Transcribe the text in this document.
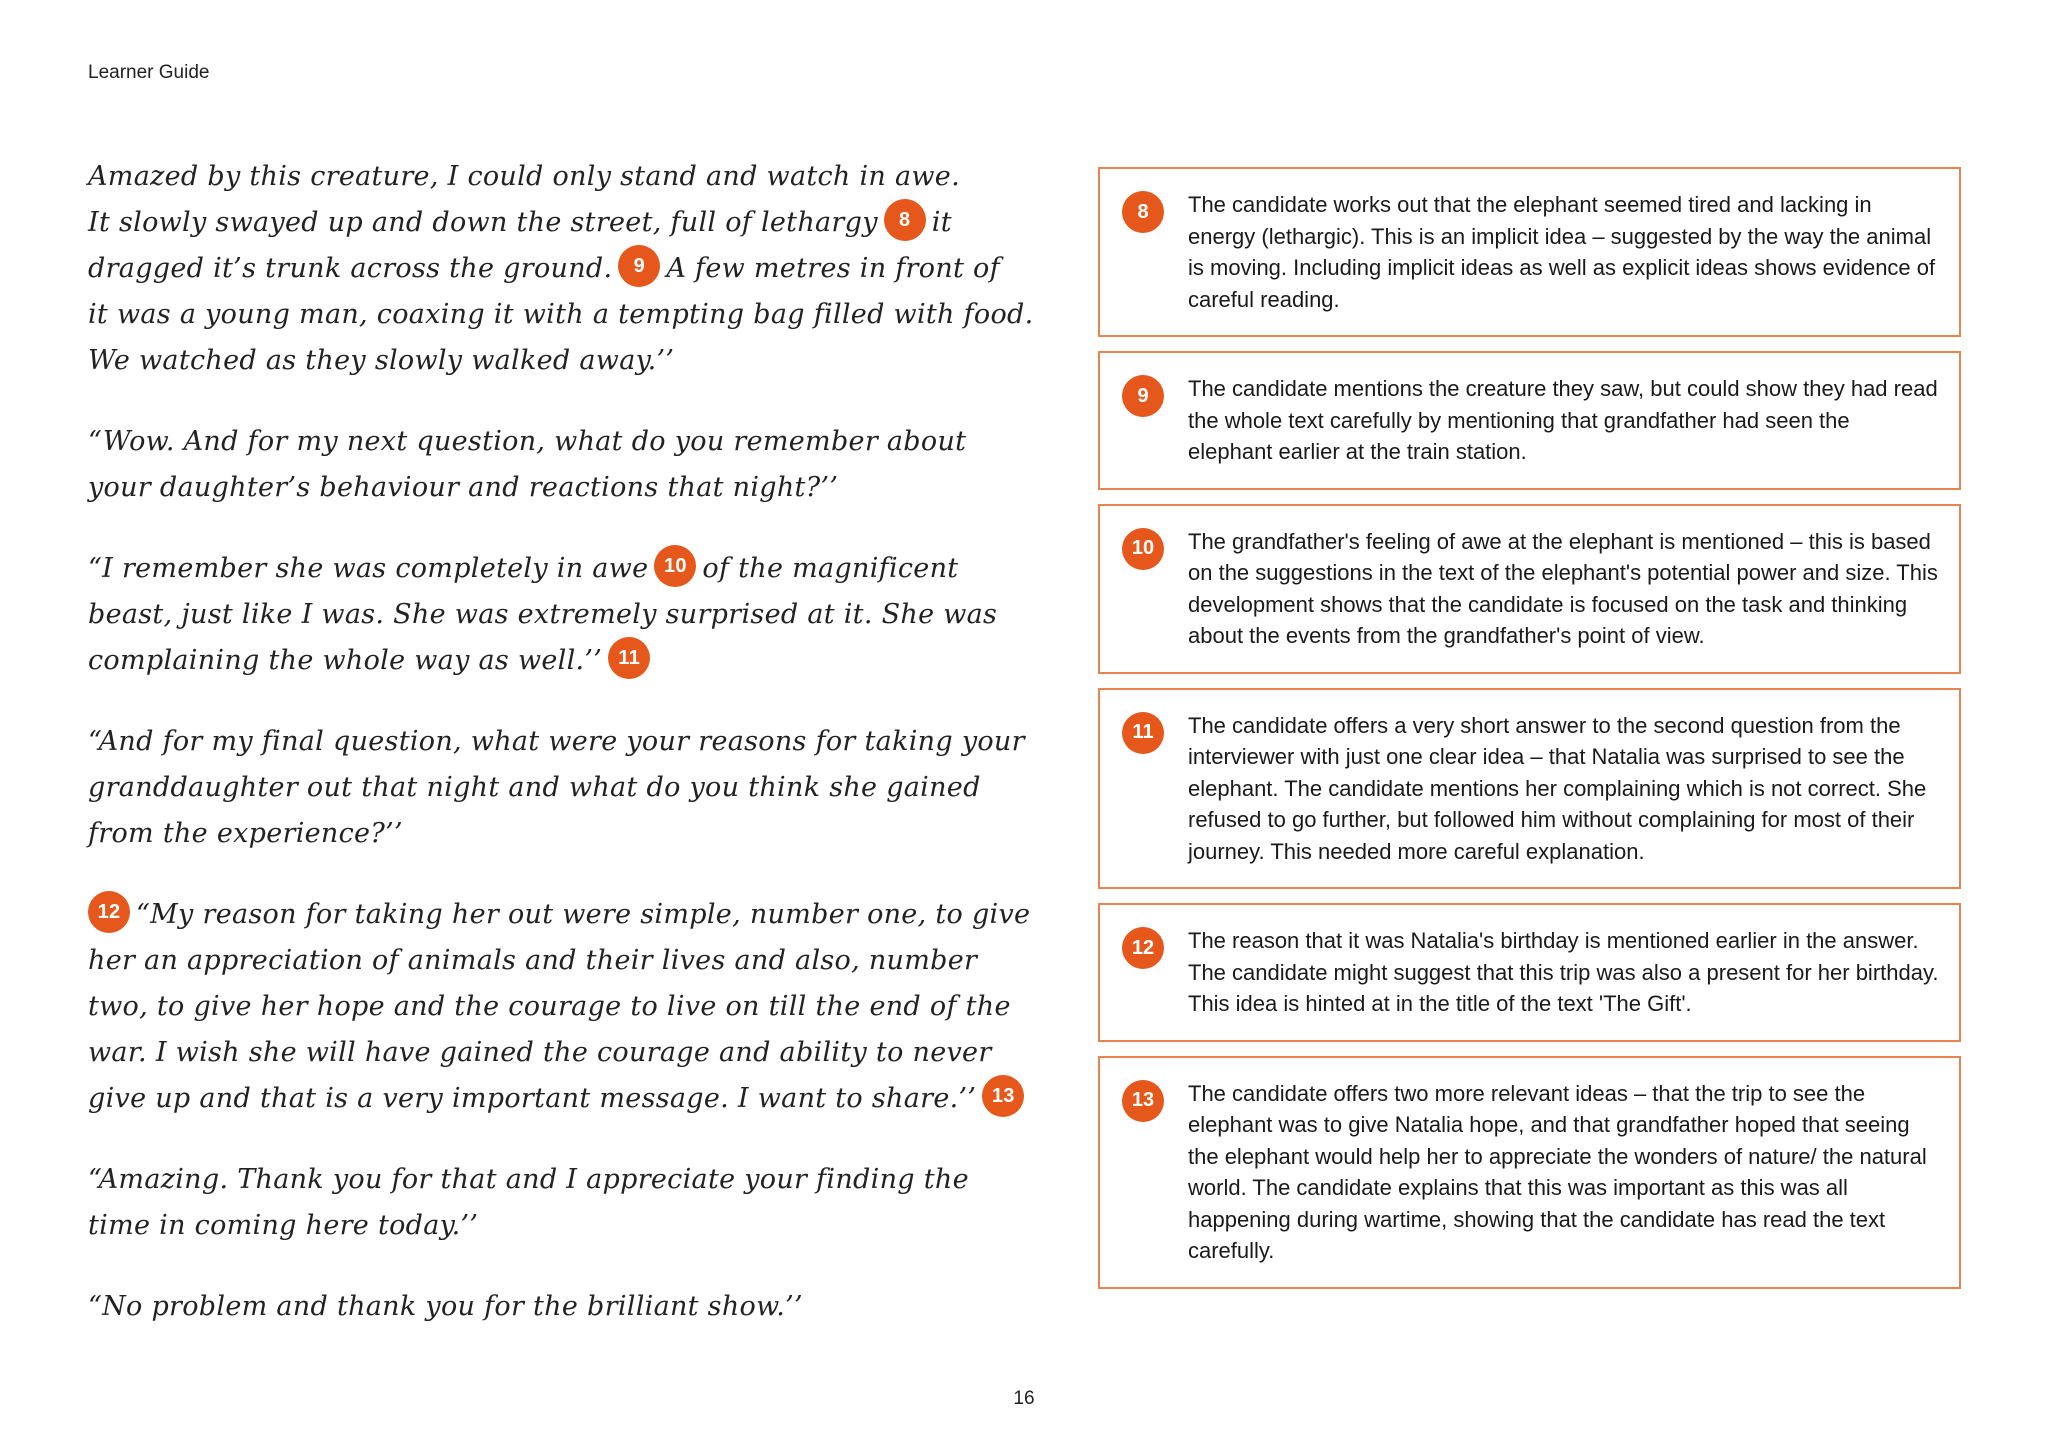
Learner Guide
Amazed by this creature, I could only stand and watch in awe.
It slowly swayed up and down the street, full of lethargy 8 it
dragged it’s trunk across the ground. 9 A few metres in front of
it was a young man, coaxing it with a tempting bag filled with food.
We watched as they slowly walked away.’’
“Wow. And for my next question, what do you remember about
your daughter’s behaviour and reactions that night?’’
“I remember she was completely in awe 10 of the magnificent
beast, just like I was. She was extremely surprised at it. She was
complaining the whole way as well.’’ 11
“And for my final question, what were your reasons for taking your
granddaughter out that night and what do you think she gained
from the experience?’’
12 “My reason for taking her out were simple, number one, to give
her an appreciation of animals and their lives and also, number
two, to give her hope and the courage to live on till the end of the
war. I wish she will have gained the courage and ability to never
give up and that is a very important message. I want to share.’’ 13
“Amazing. Thank you for that and I appreciate your finding the
time in coming here today.’’
“No problem and thank you for the brilliant show.’’
8	The candidate works out that the elephant seemed tired and lacking in energy (lethargic). This is an implicit idea – suggested by the way the animal is moving. Including implicit ideas as well as explicit ideas shows evidence of careful reading.

9	The candidate mentions the creature they saw, but could show they had read the whole text carefully by mentioning that grandfather had seen the elephant earlier at the train station.

10	The grandfather's feeling of awe at the elephant is mentioned – this is based on the suggestions in the text of the elephant's potential power and size. This development shows that the candidate is focused on the task and thinking about the events from the grandfather's point of view.

11	The candidate offers a very short answer to the second question from the interviewer with just one clear idea – that Natalia was surprised to see the elephant. The candidate mentions her complaining which is not correct. She refused to go further, but followed him without complaining for most of their journey. This needed more careful explanation.

12	The reason that it was Natalia's birthday is mentioned earlier in the answer. The candidate might suggest that this trip was also a present for her birthday. This idea is hinted at in the title of the text 'The Gift'.

13	The candidate offers two more relevant ideas – that the trip to see the elephant was to give Natalia hope, and that grandfather hoped that seeing the elephant would help her to appreciate the wonders of nature/ the natural world. The candidate explains that this was important as this was all happening during wartime, showing that the candidate has read the text carefully.

16
